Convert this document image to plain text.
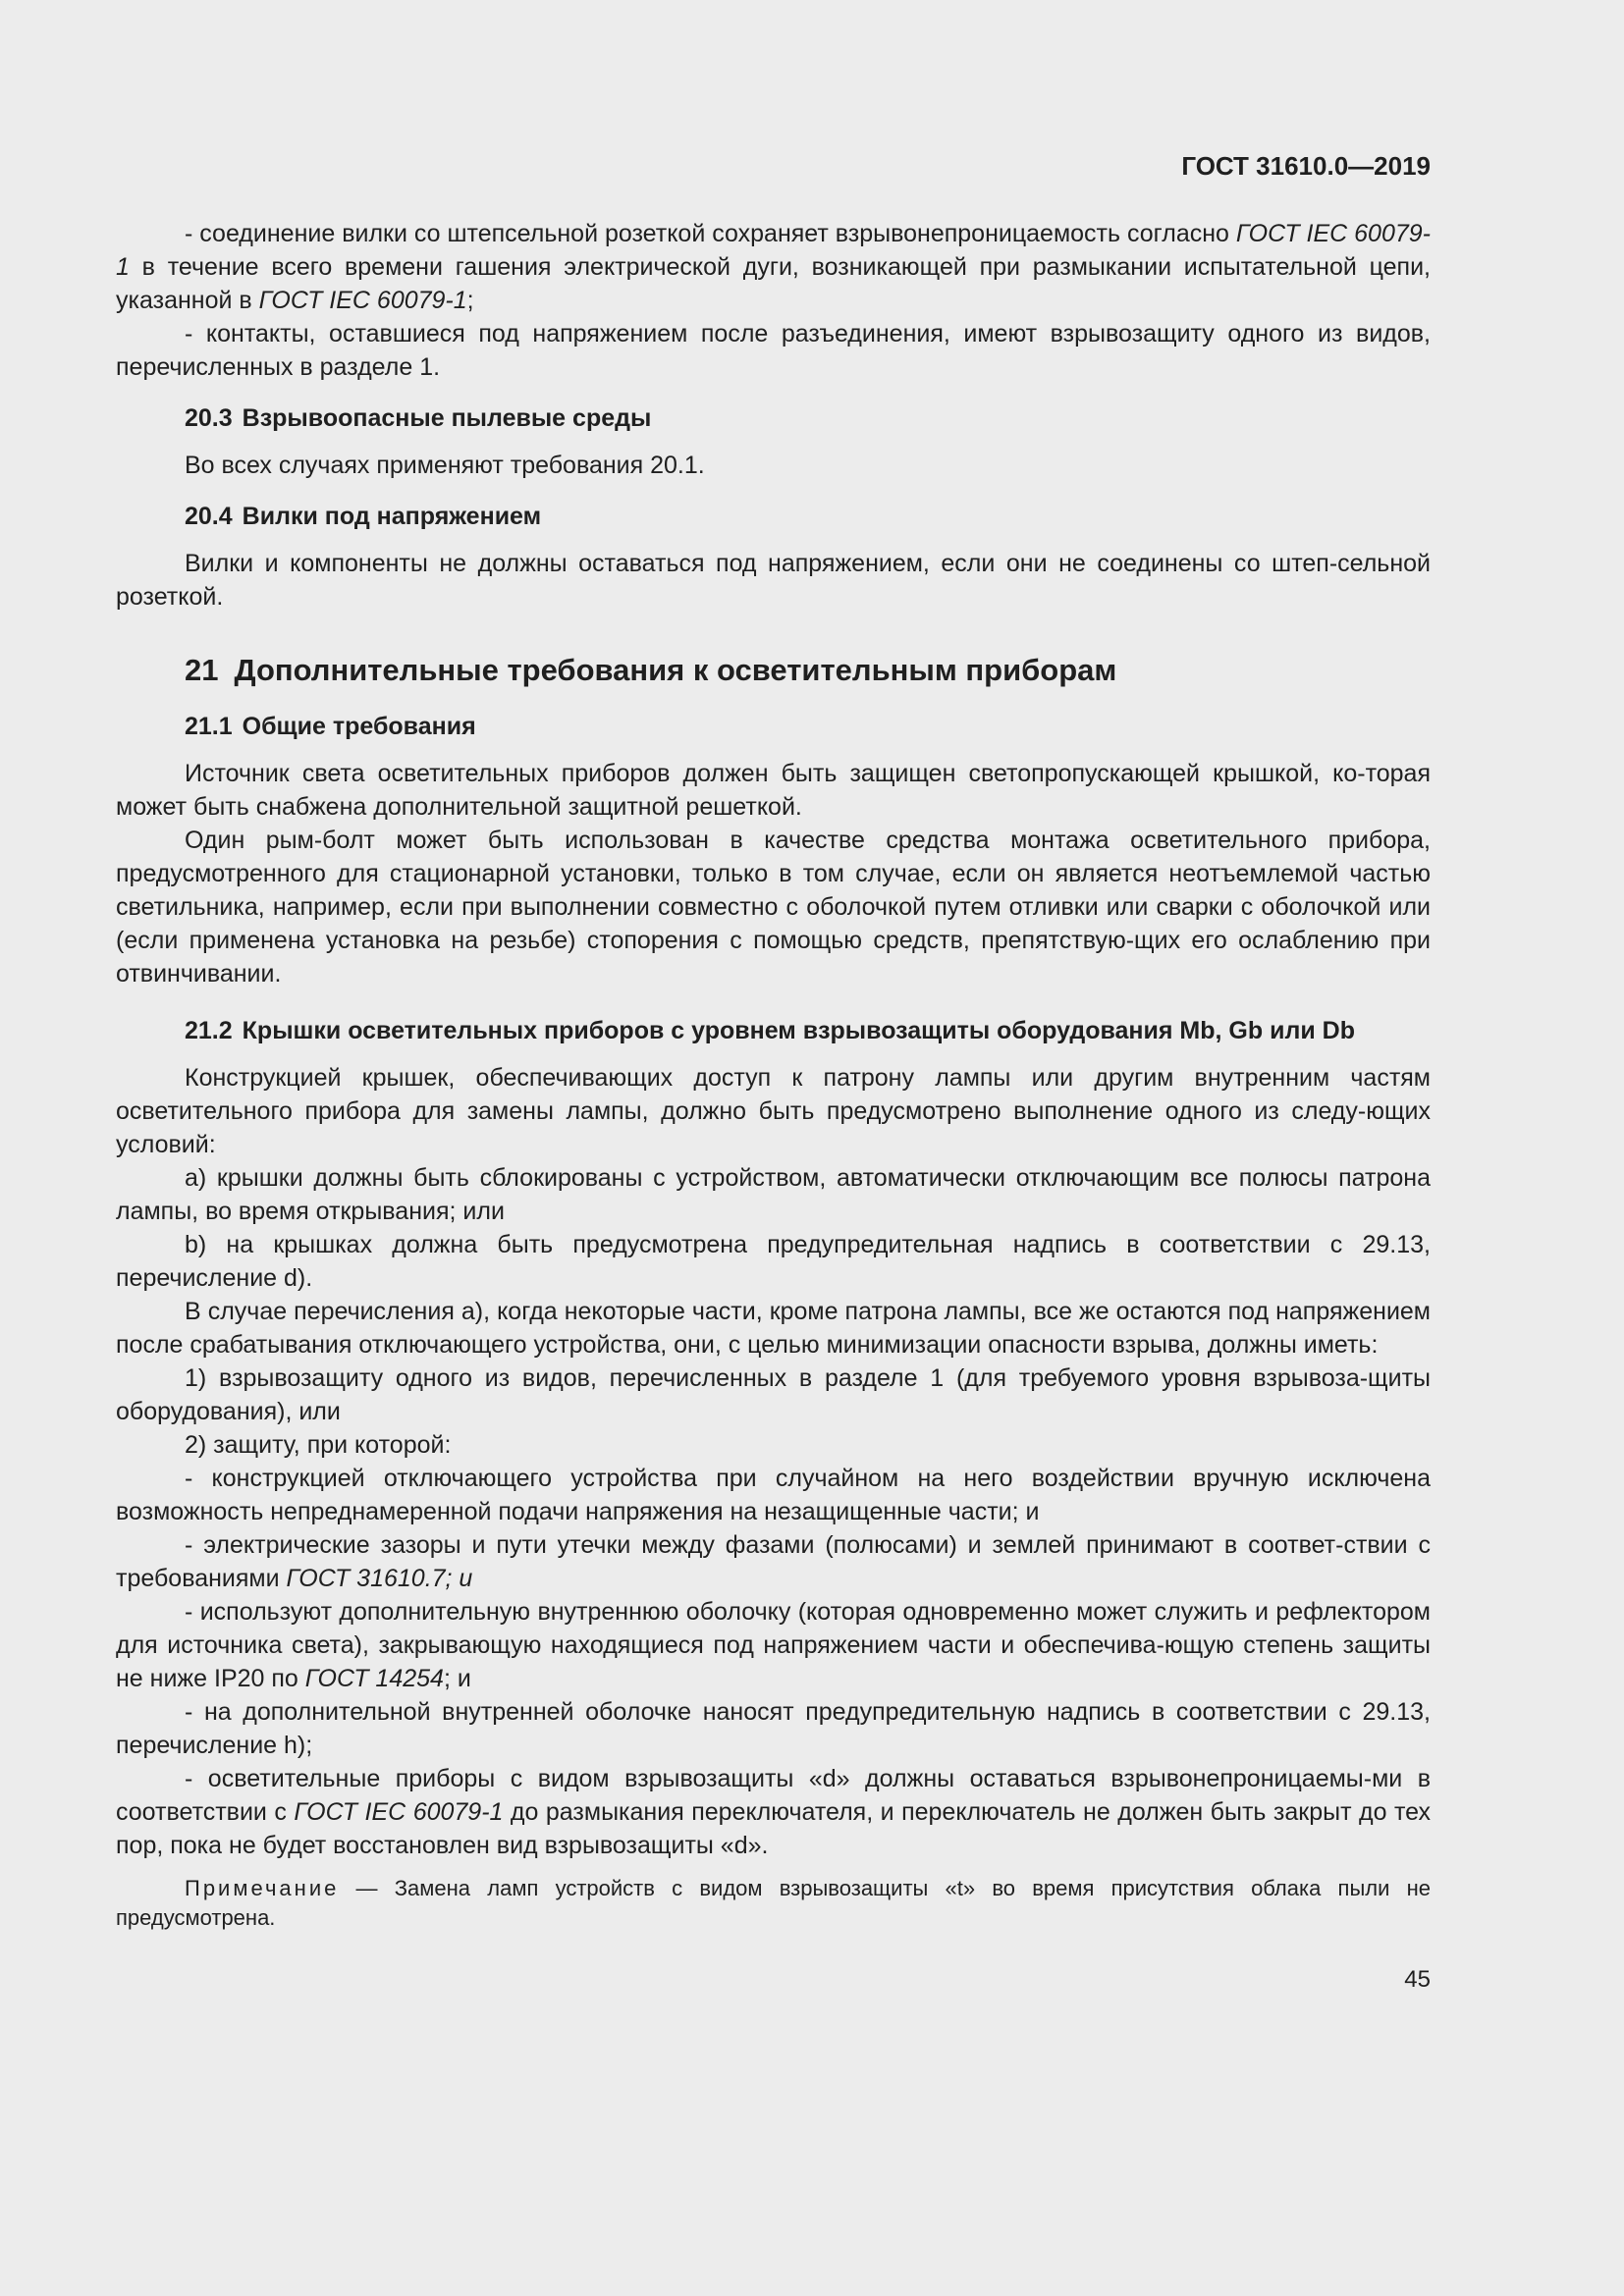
ГОСТ 31610.0—2019

- соединение вилки со штепсельной розеткой сохраняет взрывонепроницаемость согласно ГОСТ IEC 60079-1 в течение всего времени гашения электрической дуги, возникающей при размыкании испытательной цепи, указанной в ГОСТ IEC 60079-1;

- контакты, оставшиеся под напряжением после разъединения, имеют взрывозащиту одного из видов, перечисленных в разделе 1.

20.3 Взрывоопасные пылевые среды

Во всех случаях применяют требования 20.1.

20.4 Вилки под напряжением

Вилки и компоненты не должны оставаться под напряжением, если они не соединены со штеп-сельной розеткой.

21 Дополнительные требования к осветительным приборам
21.1 Общие требования

Источник света осветительных приборов должен быть защищен светопропускающей крышкой, ко-торая может быть снабжена дополнительной защитной решеткой.

Один рым-болт может быть использован в качестве средства монтажа осветительного прибора, предусмотренного для стационарной установки, только в том случае, если он является неотъемлемой частью светильника, например, если при выполнении совместно с оболочкой путем отливки или сварки с оболочкой или (если применена установка на резьбе) стопорения с помощью средств, препятствую-щих его ослаблению при отвинчивании.

21.2 Крышки осветительных приборов с уровнем взрывозащиты оборудования Mb, Gb или Db

Конструкцией крышек, обеспечивающих доступ к патрону лампы или другим внутренним частям осветительного прибора для замены лампы, должно быть предусмотрено выполнение одного из следу-ющих условий:

a) крышки должны быть сблокированы с устройством, автоматически отключающим все полюсы патрона лампы, во время открывания; или

b) на крышках должна быть предусмотрена предупредительная надпись в соответствии с 29.13, перечисление d).

В случае перечисления a), когда некоторые части, кроме патрона лампы, все же остаются под напряжением после срабатывания отключающего устройства, они, с целью минимизации опасности взрыва, должны иметь:

1) взрывозащиту одного из видов, перечисленных в разделе 1 (для требуемого уровня взрывоза-щиты оборудования), или

2) защиту, при которой:

- конструкцией отключающего устройства при случайном на него воздействии вручную исключена возможность непреднамеренной подачи напряжения на незащищенные части; и

- электрические зазоры и пути утечки между фазами (полюсами) и землей принимают в соответ-ствии с требованиями ГОСТ 31610.7; и

- используют дополнительную внутреннюю оболочку (которая одновременно может служить и рефлектором для источника света), закрывающую находящиеся под напряжением части и обеспечива-ющую степень защиты не ниже IP20 по ГОСТ 14254; и

- на дополнительной внутренней оболочке наносят предупредительную надпись в соответствии с 29.13, перечисление h);

- осветительные приборы с видом взрывозащиты «d» должны оставаться взрывонепроницаемы-ми в соответствии с ГОСТ IEC 60079-1 до размыкания переключателя, и переключатель не должен быть закрыт до тех пор, пока не будет восстановлен вид взрывозащиты «d».

Примечание — Замена ламп устройств с видом взрывозащиты «t» во время присутствия облака пыли не предусмотрена.

45
